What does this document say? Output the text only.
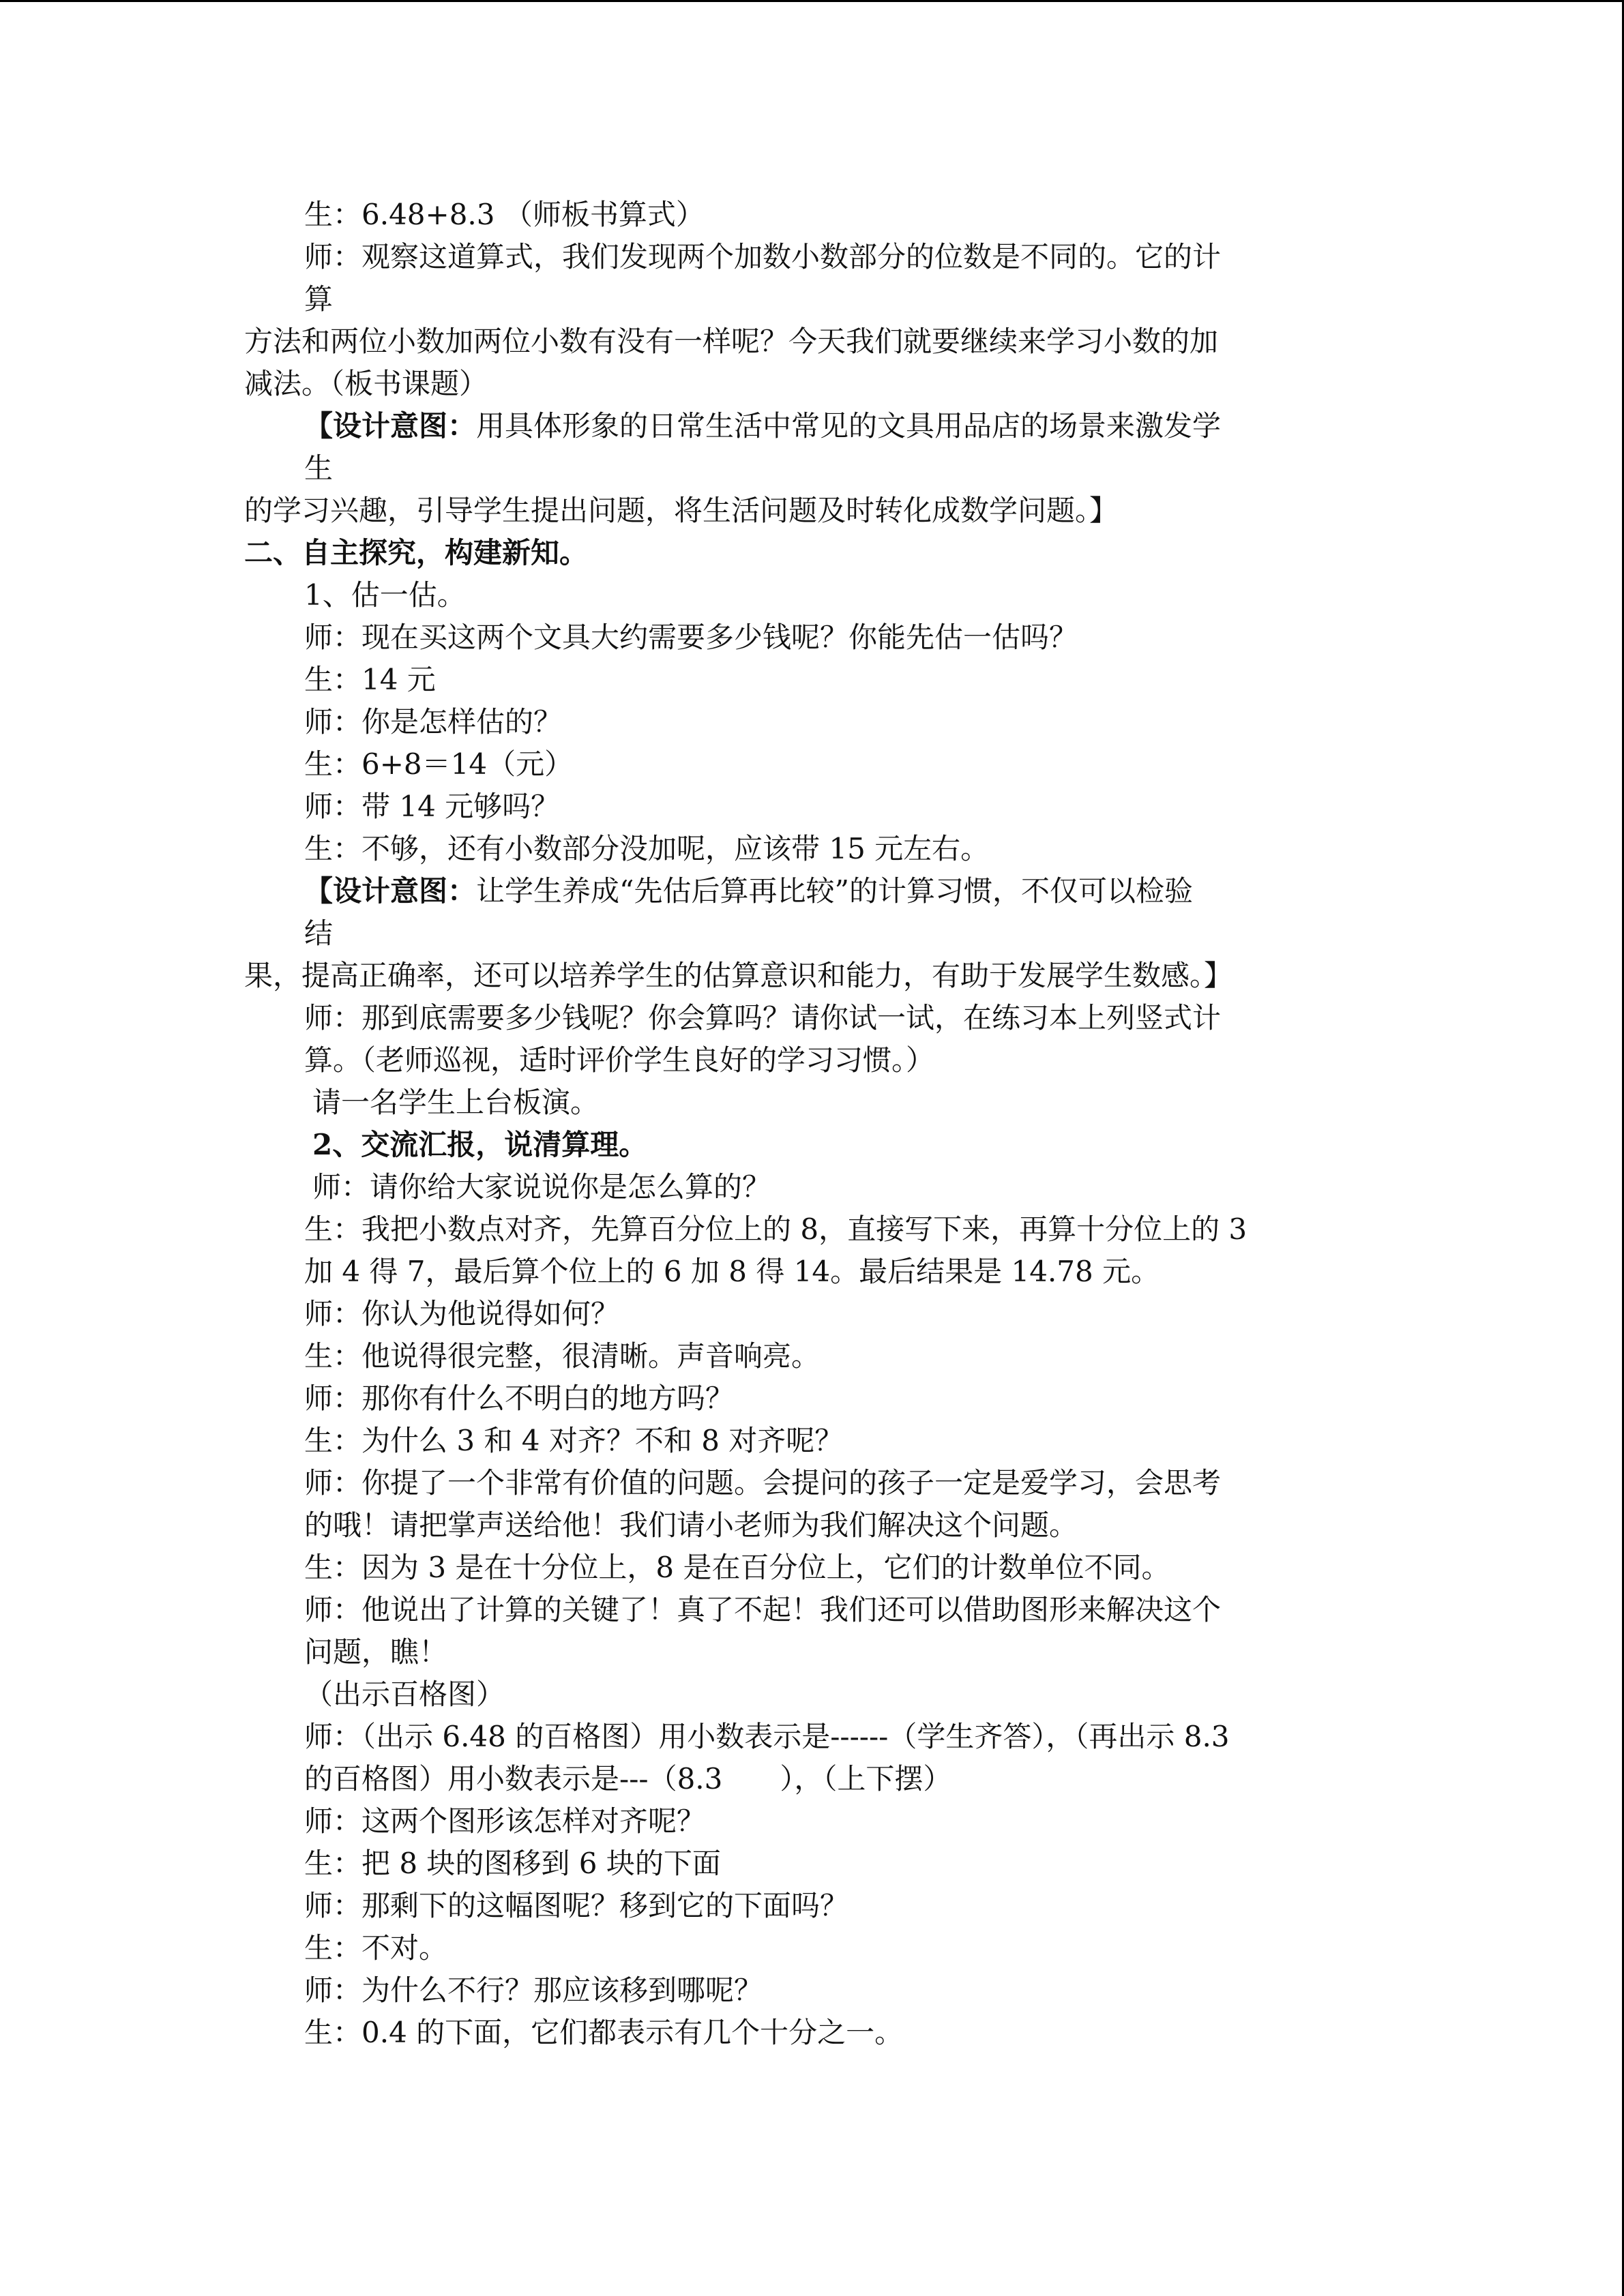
生：6.48+8.3 （师板书算式）
师：观察这道算式，我们发现两个加数小数部分的位数是不同的。它的计
算
方法和两位小数加两位小数有没有一样呢？今天我们就要继续来学习小数的加
减法。（板书课题）
【设计意图：用具体形象的日常生活中常见的文具用品店的场景来激发学
生
的学习兴趣，引导学生提出问题，将生活问题及时转化成数学问题。】
二、自主探究，构建新知。
1、估一估。
师：现在买这两个文具大约需要多少钱呢？你能先估一估吗？
生：14 元
师：你是怎样估的？
生：6+8＝14（元）
师：带 14 元够吗？
生：不够，还有小数部分没加呢，应该带 15 元左右。
【设计意图：让学生养成“先估后算再比较”的计算习惯，不仅可以检验
结
果，提高正确率，还可以培养学生的估算意识和能力，有助于发展学生数感。】
师：那到底需要多少钱呢？你会算吗？请你试一试，在练习本上列竖式计
算。（老师巡视，适时评价学生良好的学习习惯。）
请一名学生上台板演。
2、交流汇报，说清算理。
师：请你给大家说说你是怎么算的？
生：我把小数点对齐，先算百分位上的 8，直接写下来，再算十分位上的 3
加 4 得 7，最后算个位上的 6 加 8 得 14。最后结果是 14.78 元。
师：你认为他说得如何？
生：他说得很完整，很清晰。声音响亮。
师：那你有什么不明白的地方吗？
生：为什么 3 和 4 对齐？不和 8 对齐呢？
师：你提了一个非常有价值的问题。会提问的孩子一定是爱学习，会思考
的哦！请把掌声送给他！我们请小老师为我们解决这个问题。
生：因为 3 是在十分位上，8 是在百分位上，它们的计数单位不同。
师：他说出了计算的关键了！真了不起！我们还可以借助图形来解决这个
问题，瞧！
（出示百格图）
师：（出示 6.48 的百格图）用小数表示是------（学生齐答），（再出示 8.3
的百格图）用小数表示是---（8.3　　），（上下摆）
师：这两个图形该怎样对齐呢？
生：把 8 块的图移到 6 块的下面
师：那剩下的这幅图呢？移到它的下面吗？
生：不对。
师：为什么不行？那应该移到哪呢？
生：0.4 的下面，它们都表示有几个十分之一。
